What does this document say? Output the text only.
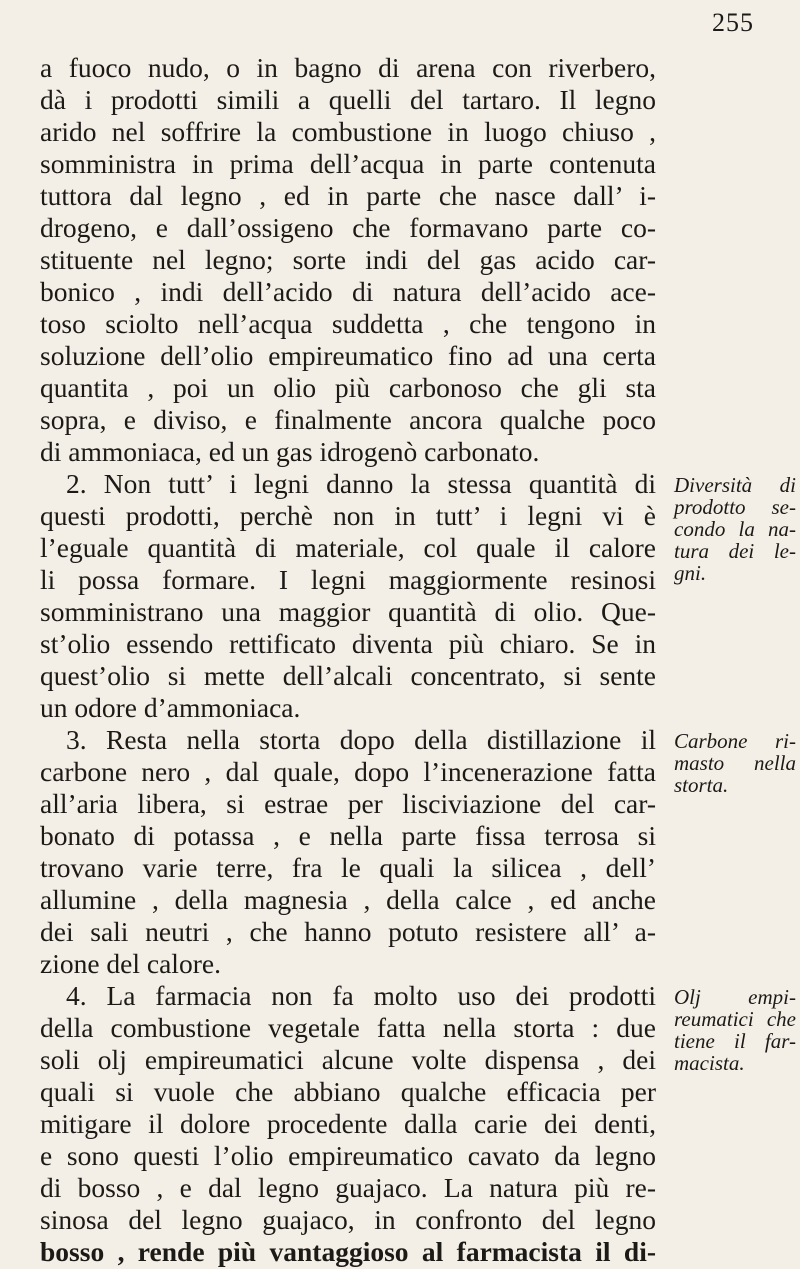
255
a fuoco nudo, o in bagno di arena con riverbero,
dà i prodotti simili a quelli del tartaro. Il legno
arido nel soffrire la combustione in luogo chiuso ,
somministra in prima dell’acqua in parte contenuta
tuttora dal legno , ed in parte che nasce dall’ i-
drogeno, e dall’ossigeno che formavano parte co-
stituente nel legno; sorte indi del gas acido car-
bonico , indi dell’acido di natura dell’acido ace-
toso sciolto nell’acqua suddetta , che tengono in
soluzione dell’olio empireumatico fino ad una certa
quantita , poi un olio più carbonoso che gli sta
sopra, e diviso, e finalmente ancora qualche poco
di ammoniaca, ed un gas idrogenò carbonato.
2. Non tutt’ i legni danno la stessa quantità di
questi prodotti, perchè non in tutt’ i legni vi è
l’eguale quantità di materiale, col quale il calore
li possa formare. I legni maggiormente resinosi
somministrano una maggior quantità di olio. Que-
st’olio essendo rettificato diventa più chiaro. Se in
quest’olio si mette dell’alcali concentrato, si sente
un odore d’ammoniaca.
3. Resta nella storta dopo della distillazione il
carbone nero , dal quale, dopo l’incenerazione fatta
all’aria libera, si estrae per lisciviazione del car-
bonato di potassa , e nella parte fissa terrosa si
trovano varie terre, fra le quali la silicea , dell’
allumine , della magnesia , della calce , ed anche
dei sali neutri , che hanno potuto resistere all’ a-
zione del calore.
4. La farmacia non fa molto uso dei prodotti
della combustione vegetale fatta nella storta : due
soli olj empireumatici alcune volte dispensa , dei
quali si vuole che abbiano qualche efficacia per
mitigare il dolore procedente dalla carie dei denti,
e sono questi l’olio empireumatico cavato da legno
di bosso , e dal legno guajaco. La natura più re-
sinosa del legno guajaco, in confronto del legno
bosso , rende più vantaggioso al farmacista il di-
Diversità di
prodotto se-
condo la na-
tura dei le-
gni.
Carbone ri-
masto nella
storta.
Olj empi-
reumatici che
tiene il far-
macista.
